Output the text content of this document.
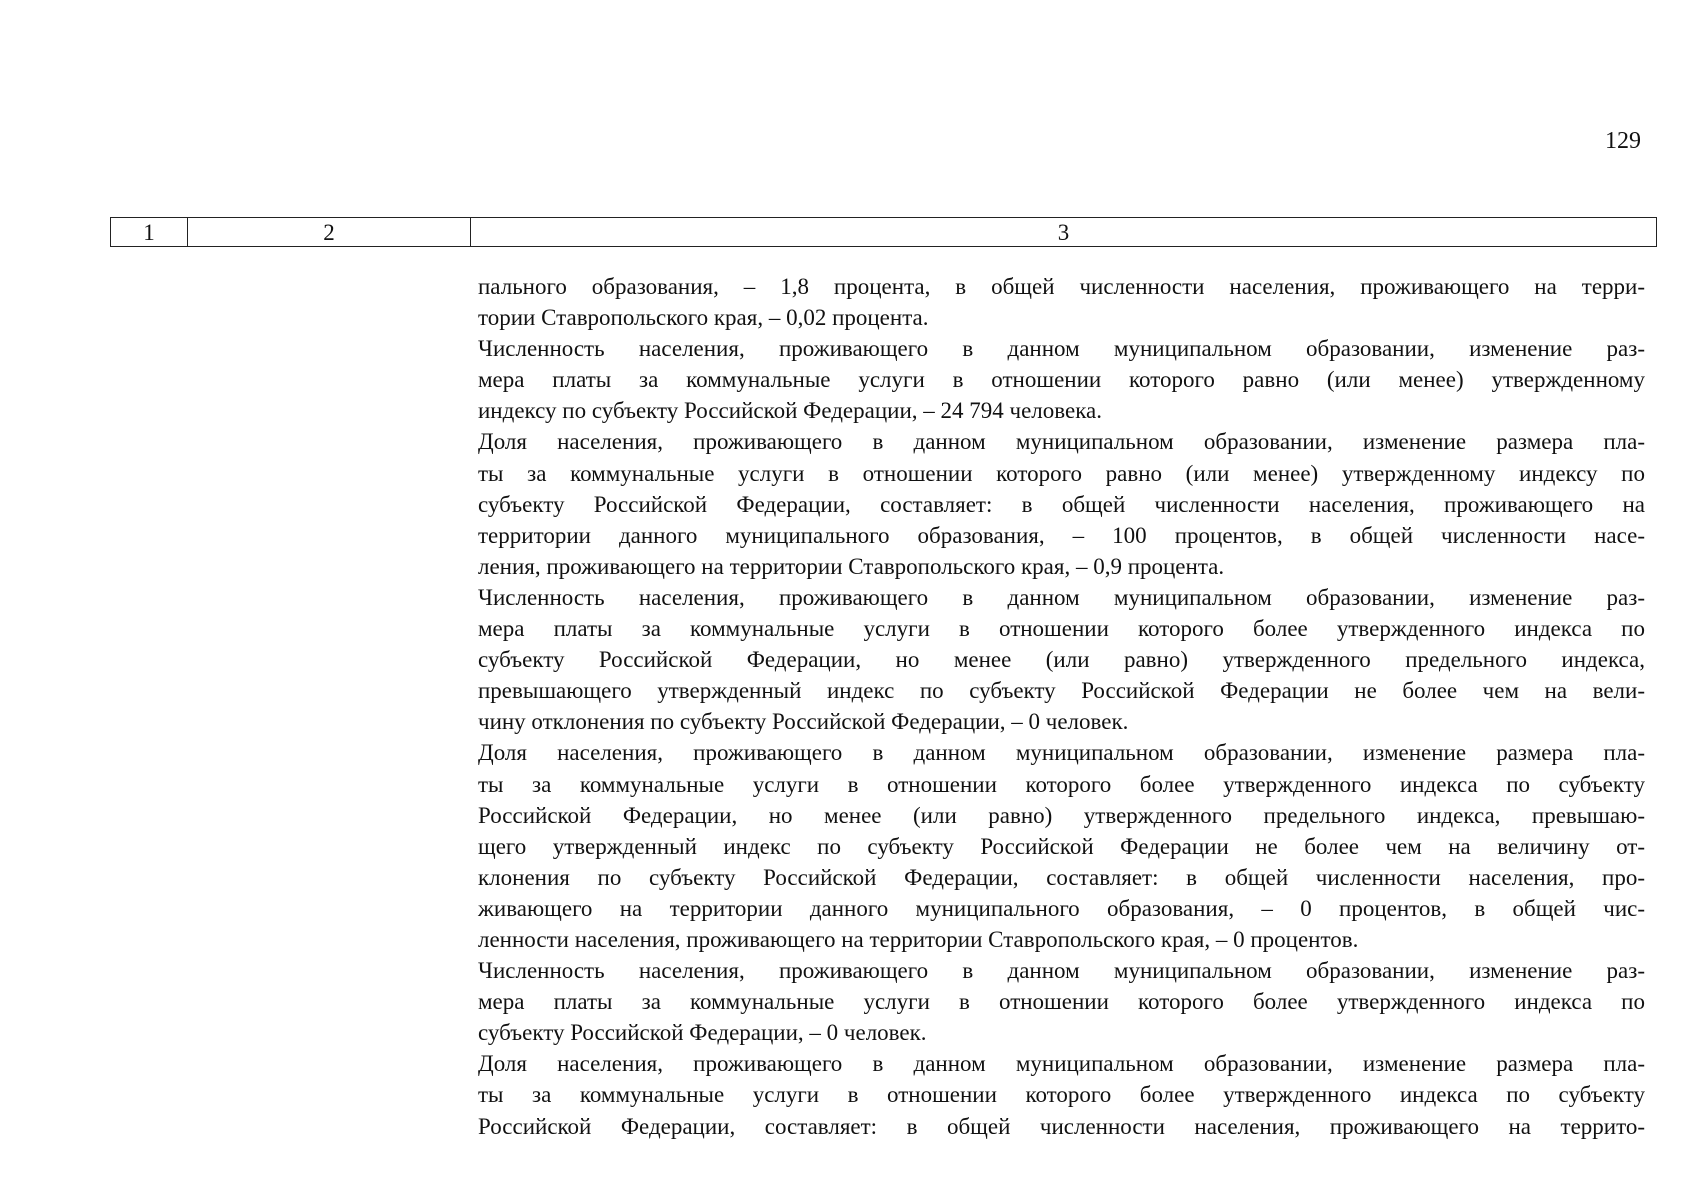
129
1	2	3
пального образования, – 1,8 процента, в общей численности населения, проживающего на терри-
тории Ставропольского края, – 0,02 процента.
Численность населения, проживающего в данном муниципальном образовании, изменение раз-
мера платы за коммунальные услуги в отношении которого равно (или менее) утвержденному
индексу по субъекту Российской Федерации, – 24 794 человека.
Доля населения, проживающего в данном муниципальном образовании, изменение размера пла-
ты за коммунальные услуги в отношении которого равно (или менее) утвержденному индексу по
субъекту Российской Федерации, составляет: в общей численности населения, проживающего на
территории данного муниципального образования, – 100 процентов, в общей численности насе-
ления, проживающего на территории Ставропольского края, – 0,9 процента.
Численность населения, проживающего в данном муниципальном образовании, изменение раз-
мера платы за коммунальные услуги в отношении которого более утвержденного индекса по
субъекту Российской Федерации, но менее (или равно) утвержденного предельного индекса,
превышающего утвержденный индекс по субъекту Российской Федерации не более чем на вели-
чину отклонения по субъекту Российской Федерации, – 0 человек.
Доля населения, проживающего в данном муниципальном образовании, изменение размера пла-
ты за коммунальные услуги в отношении которого более утвержденного индекса по субъекту
Российской Федерации, но менее (или равно) утвержденного предельного индекса, превышаю-
щего утвержденный индекс по субъекту Российской Федерации не более чем на величину от-
клонения по субъекту Российской Федерации, составляет: в общей численности населения, про-
живающего на территории данного муниципального образования, – 0 процентов, в общей чис-
ленности населения, проживающего на территории Ставропольского края, – 0 процентов.
Численность населения, проживающего в данном муниципальном образовании, изменение раз-
мера платы за коммунальные услуги в отношении которого более утвержденного индекса по
субъекту Российской Федерации, – 0 человек.
Доля населения, проживающего в данном муниципальном образовании, изменение размера пла-
ты за коммунальные услуги в отношении которого более утвержденного индекса по субъекту
Российской Федерации, составляет: в общей численности населения, проживающего на террито-
